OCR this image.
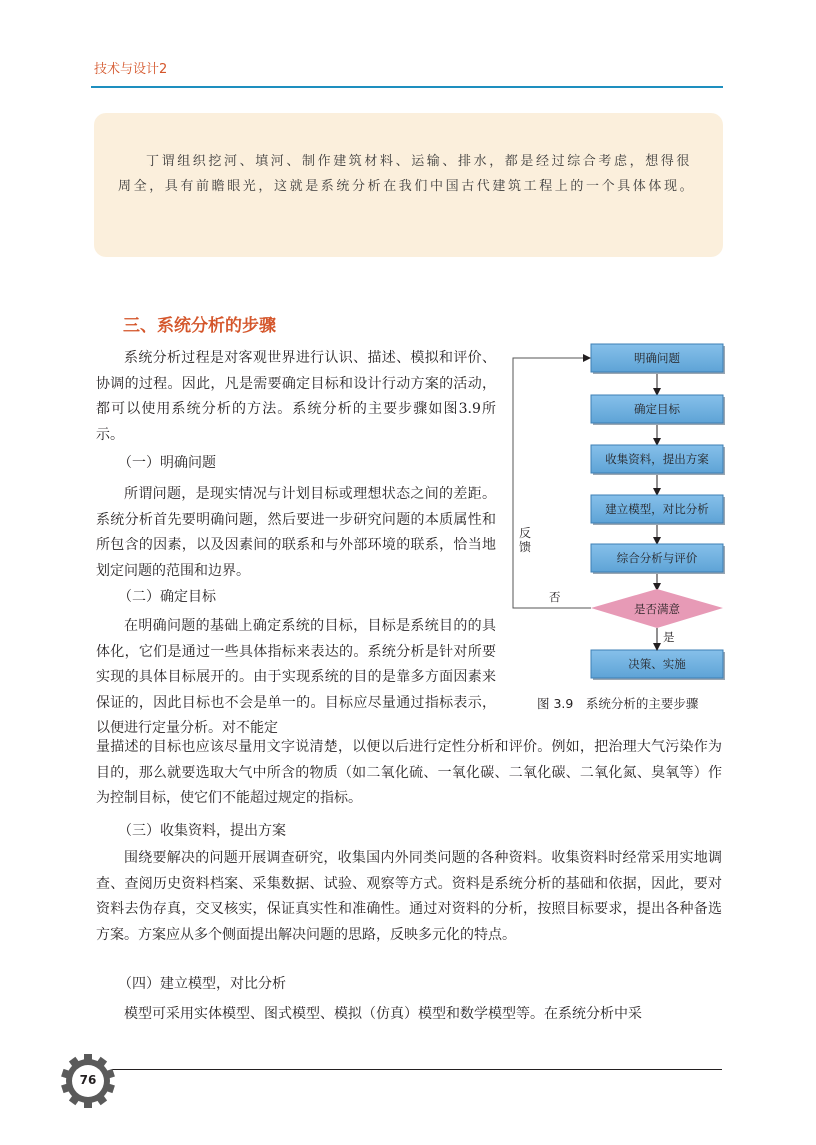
技术与设计2

丁谓组织挖河、填河、制作建筑材料、运输、排水，都是经过综合考虑，想得很周全，具有前瞻眼光，这就是系统分析在我们中国古代建筑工程上的一个具体体现。

三、系统分析的步骤

系统分析过程是对客观世界进行认识、描述、模拟和评价、协调的过程。因此，凡是需要确定目标和设计行动方案的活动，都可以使用系统分析的方法。系统分析的主要步骤如图3.9所示。

（一）明确问题

所谓问题，是现实情况与计划目标或理想状态之间的差距。系统分析首先要明确问题，然后要进一步研究问题的本质属性和所包含的因素，以及因素间的联系和与外部环境的联系，恰当地划定问题的范围和边界。

（二）确定目标

在明确问题的基础上确定系统的目标，目标是系统目的的具体化，它们是通过一些具体指标来表达的。系统分析是针对所要实现的具体目标展开的。由于实现系统的目的是靠多方面因素来保证的，因此目标也不会是单一的。目标应尽量通过指标表示，以便进行定量分析。对不能定

量描述的目标也应该尽量用文字说清楚，以便以后进行定性分析和评价。例如，把治理大气污染作为目的，那么就要选取大气中所含的物质（如二氧化硫、一氧化碳、二氧化碳、二氧化氮、臭氧等）作为控制目标，使它们不能超过规定的指标。

（三）收集资料，提出方案

围绕要解决的问题开展调查研究，收集国内外同类问题的各种资料。收集资料时经常采用实地调查、查阅历史资料档案、采集数据、试验、观察等方式。资料是系统分析的基础和依据，因此，要对资料去伪存真，交叉核实，保证真实性和准确性。通过对资料的分析，按照目标要求，提出各种备选方案。方案应从多个侧面提出解决问题的思路，反映多元化的特点。

（四）建立模型，对比分析

模型可采用实体模型、图式模型、模拟（仿真）模型和数学模型等。在系统分析中采

明确问题
确定目标
收集资料，提出方案
建立模型，对比分析
综合分析与评价
决策、实施
是否满意
反
馈
否
是
图 3.9　系统分析的主要步骤
76
